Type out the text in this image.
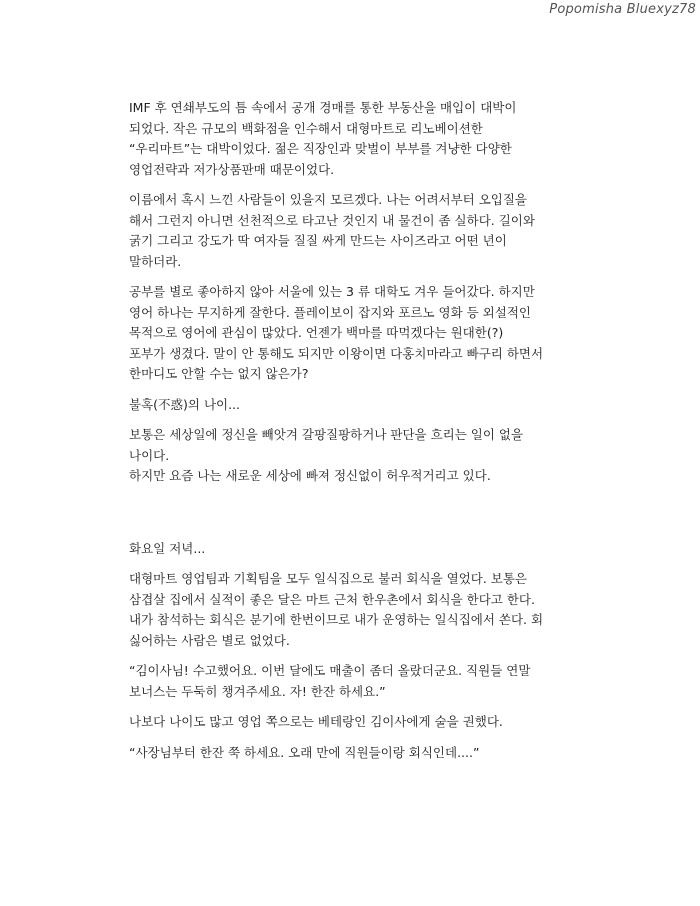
Popomisha Bluexyz78

IMF 후 연쇄부도의 틈 속에서 공개 경매를 통한 부동산을 매입이 대박이
되었다. 작은 규모의 백화점을 인수해서 대형마트로 리노베이션한
“우리마트”는 대박이었다. 젊은 직장인과 맞벌이 부부를 겨냥한 다양한
영업전략과 저가상품판매 때문이었다.

이름에서 혹시 느낀 사람들이 있을지 모르겠다. 나는 어려서부터 오입질을
해서 그런지 아니면 선천적으로 타고난 것인지 내 물건이 좀 실하다. 길이와
굵기 그리고 강도가 딱 여자들 질질 싸게 만드는 사이즈라고 어떤 년이
말하더라.

공부를 별로 좋아하지 않아 서울에 있는 3 류 대학도 겨우 들어갔다. 하지만
영어 하나는 무지하게 잘한다. 플레이보이 잡지와 포르노 영화 등 외설적인
목적으로 영어에 관심이 많았다. 언젠가 백마를 따먹겠다는 원대한(?)
포부가 생겼다. 말이 안 통해도 되지만 이왕이면 다홍치마라고 빠구리 하면서
한마디도 안할 수는 없지 않은가?

불혹(不惑)의 나이...

보통은 세상일에 정신을 빼앗겨 갈팡질팡하거나 판단을 흐리는 일이 없을
나이다.
하지만 요즘 나는 새로운 세상에 빠져 정신없이 허우적거리고 있다.

화요일 저녁...

대형마트 영업팀과 기획팀을 모두 일식집으로 불러 회식을 열었다. 보통은
삼겹살 집에서 실적이 좋은 달은 마트 근처 한우촌에서 회식을 한다고 한다.
내가 참석하는 회식은 분기에 한번이므로 내가 운영하는 일식집에서 쏜다. 회
싫어하는 사람은 별로 없었다.

“김이사님! 수고했어요. 이번 달에도 매출이 좀더 올랐더군요. 직원들 연말
보너스는 두둑히 챙겨주세요. 자! 한잔 하세요.”

나보다 나이도 많고 영업 쪽으로는 베테랑인 김이사에게 술을 권했다.

“사장님부터 한잔 쭉 하세요. 오래 만에 직원들이랑 회식인데....”
